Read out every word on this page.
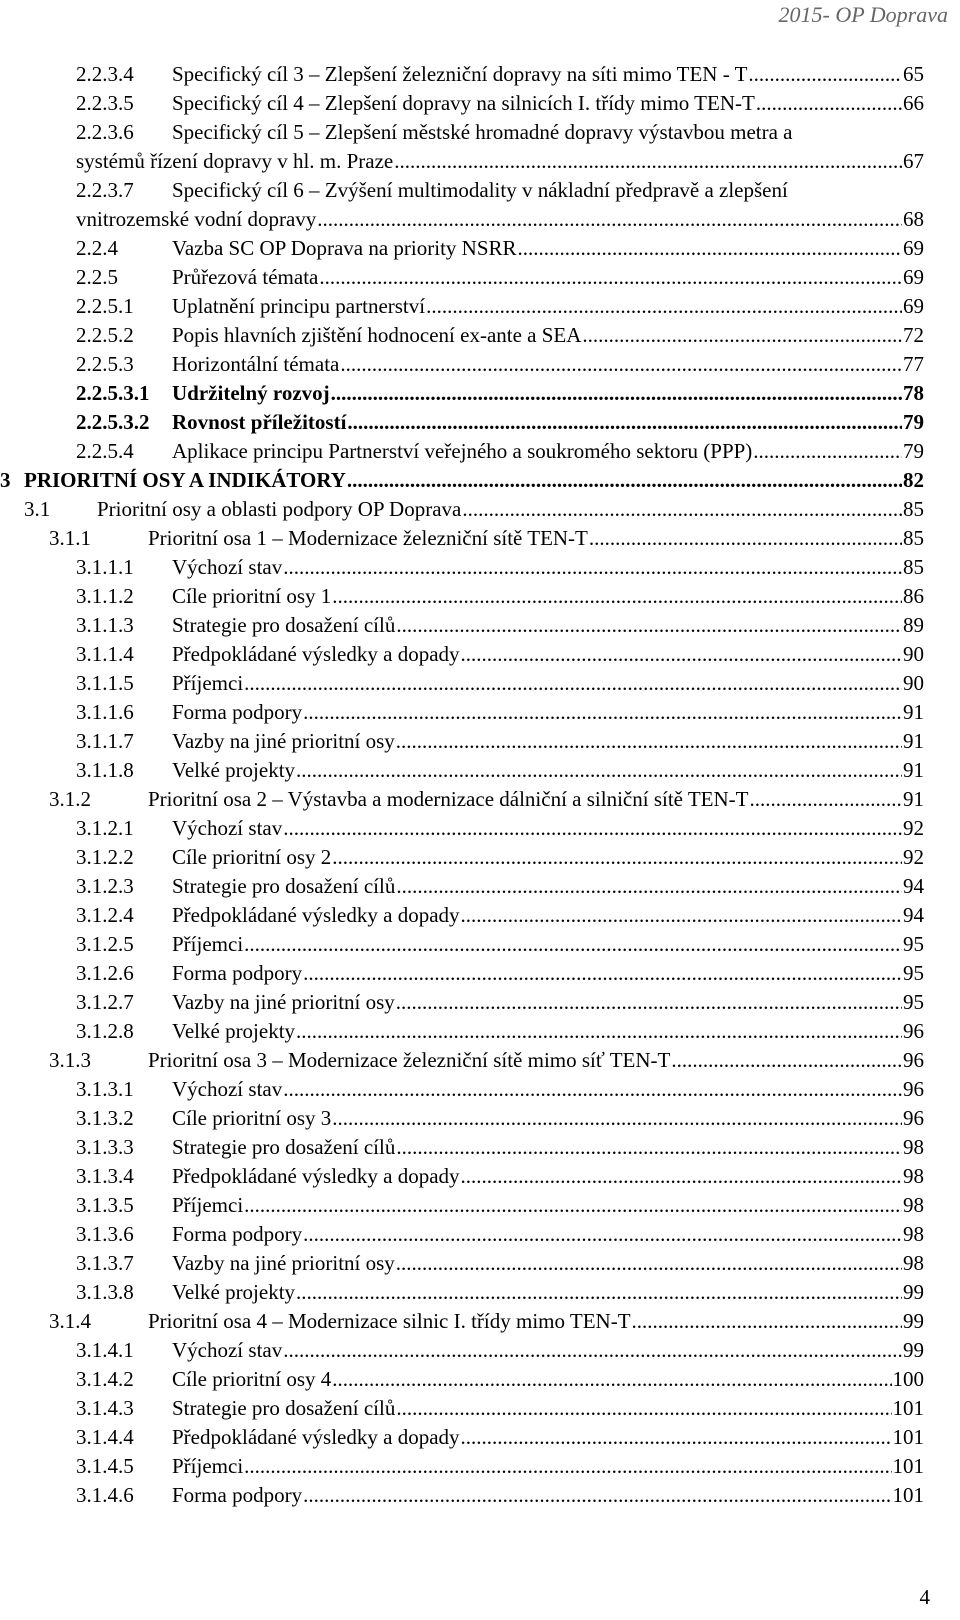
2015- OP Doprava
2.2.3.4 Specifický cíl 3 – Zlepšení železniční dopravy na síti mimo TEN - T .....	65
2.2.3.5 Specifický cíl 4 – Zlepšení dopravy na silnicích I. třídy mimo TEN-T .....	66
2.2.3.6 Specifický cíl 5 – Zlepšení městské hromadné dopravy výstavbou metra a
systémů řízení dopravy v hl. m. Praze .....	67
2.2.3.7 Specifický cíl 6 – Zvýšení multimodality v nákladní předpravě a zlepšení
vnitrozemské vodní dopravy .....	68
2.2.4	Vazba SC OP Doprava na priority NSRR .....	69
2.2.5	Průřezová témata .....	69
2.2.5.1 Uplatnění principu partnerství .....	69
2.2.5.2 Popis hlavních zjištění hodnocení ex-ante a SEA .....	72
2.2.5.3 Horizontální témata .....	77
2.2.5.3.1 Udržitelný rozvoj .....	78
2.2.5.3.2 Rovnost příležitostí .....	79
2.2.5.4 Aplikace principu Partnerství veřejného a soukromého sektoru (PPP) .....	79
3 PRIORITNÍ OSY A INDIKÁTORY .....	82
3.1 Prioritní osy a oblasti podpory OP Doprava .....	85
3.1.1	Prioritní osa 1 – Modernizace železniční sítě TEN-T .....	85
3.1.1.1 Výchozí stav .....	85
3.1.1.2 Cíle prioritní osy 1 .....	86
3.1.1.3 Strategie pro dosažení cílů .....	89
3.1.1.4 Předpokládané výsledky a dopady .....	90
3.1.1.5 Příjemci .....	90
3.1.1.6 Forma podpory .....	91
3.1.1.7 Vazby na jiné prioritní osy .....	91
3.1.1.8 Velké projekty .....	91
3.1.2	Prioritní osa 2 – Výstavba a modernizace dálniční a silniční sítě TEN-T .....	91
3.1.2.1 Výchozí stav .....	92
3.1.2.2 Cíle prioritní osy 2 .....	92
3.1.2.3 Strategie pro dosažení cílů .....	94
3.1.2.4 Předpokládané výsledky a dopady .....	94
3.1.2.5 Příjemci .....	95
3.1.2.6 Forma podpory .....	95
3.1.2.7 Vazby na jiné prioritní osy .....	95
3.1.2.8 Velké projekty .....	96
3.1.3	Prioritní osa 3 – Modernizace železniční sítě mimo síť TEN-T .....	96
3.1.3.1 Výchozí stav .....	96
3.1.3.2 Cíle prioritní osy 3 .....	96
3.1.3.3 Strategie pro dosažení cílů .....	98
3.1.3.4 Předpokládané výsledky a dopady .....	98
3.1.3.5 Příjemci .....	98
3.1.3.6 Forma podpory .....	98
3.1.3.7 Vazby na jiné prioritní osy .....	98
3.1.3.8 Velké projekty .....	99
3.1.4	Prioritní osa 4 – Modernizace silnic I. třídy mimo TEN-T .....	99
3.1.4.1 Výchozí stav .....	99
3.1.4.2 Cíle prioritní osy 4 .....	100
3.1.4.3 Strategie pro dosažení cílů .....	101
3.1.4.4 Předpokládané výsledky a dopady .....	101
3.1.4.5 Příjemci .....	101
3.1.4.6 Forma podpory .....	101
4
